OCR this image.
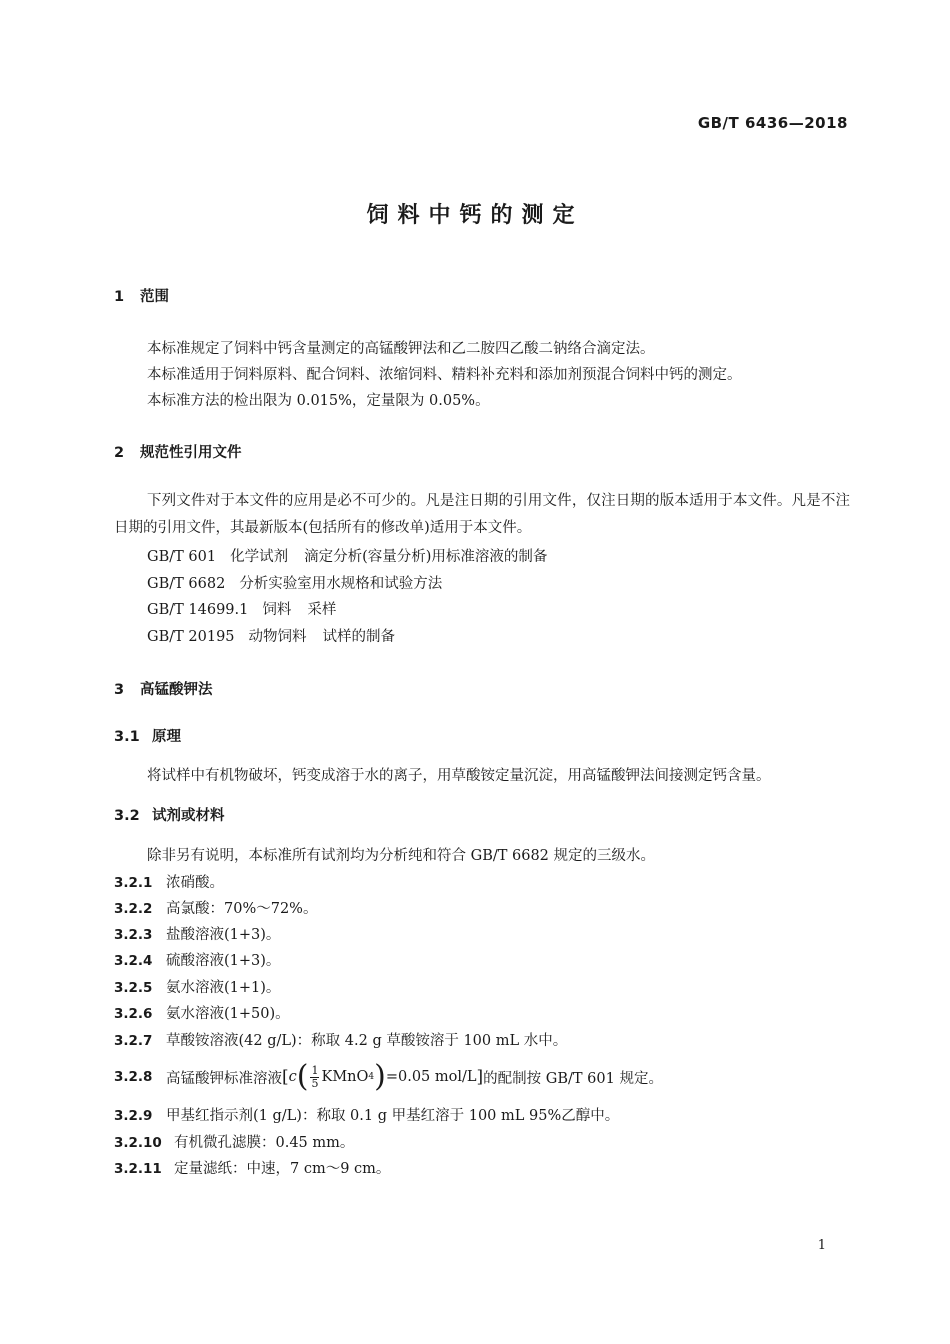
GB/T 6436—2018
饲料中钙的测定
1 范围
本标准规定了饲料中钙含量测定的高锰酸钾法和乙二胺四乙酸二钠络合滴定法。
本标准适用于饲料原料、配合饲料、浓缩饲料、精料补充料和添加剂预混合饲料中钙的测定。
本标准方法的检出限为 0.015%，定量限为 0.05%。
2 规范性引用文件
下列文件对于本文件的应用是必不可少的。凡是注日期的引用文件，仅注日期的版本适用于本文件。凡是不注日期的引用文件，其最新版本(包括所有的修改单)适用于本文件。
GB/T 601 化学试剂 滴定分析(容量分析)用标准溶液的制备
GB/T 6682 分析实验室用水规格和试验方法
GB/T 14699.1 饲料 采样
GB/T 20195 动物饲料 试样的制备
3 高锰酸钾法
3.1 原理
将试样中有机物破坏，钙变成溶于水的离子，用草酸铵定量沉淀，用高锰酸钾法间接测定钙含量。
3.2 试剂或材料
除非另有说明，本标准所有试剂均为分析纯和符合 GB/T 6682 规定的三级水。
3.2.1 浓硝酸。
3.2.2 高氯酸：70%～72%。
3.2.3 盐酸溶液(1+3)。
3.2.4 硫酸溶液(1+3)。
3.2.5 氨水溶液(1+1)。
3.2.6 氨水溶液(1+50)。
3.2.7 草酸铵溶液(42 g/L)：称取 4.2 g 草酸铵溶于 100 mL 水中。
3.2.8 高锰酸钾标准溶液 [ c ( $\frac{1}{5}$ KMnO 4 ) =0.05 mol/L ] 的配制按 GB/T 601 规定。
3.2.9 甲基红指示剂(1 g/L)：称取 0.1 g 甲基红溶于 100 mL 95%乙醇中。
3.2.10 有机微孔滤膜：0.45 mm。
3.2.11 定量滤纸：中速，7 cm～9 cm。
1
